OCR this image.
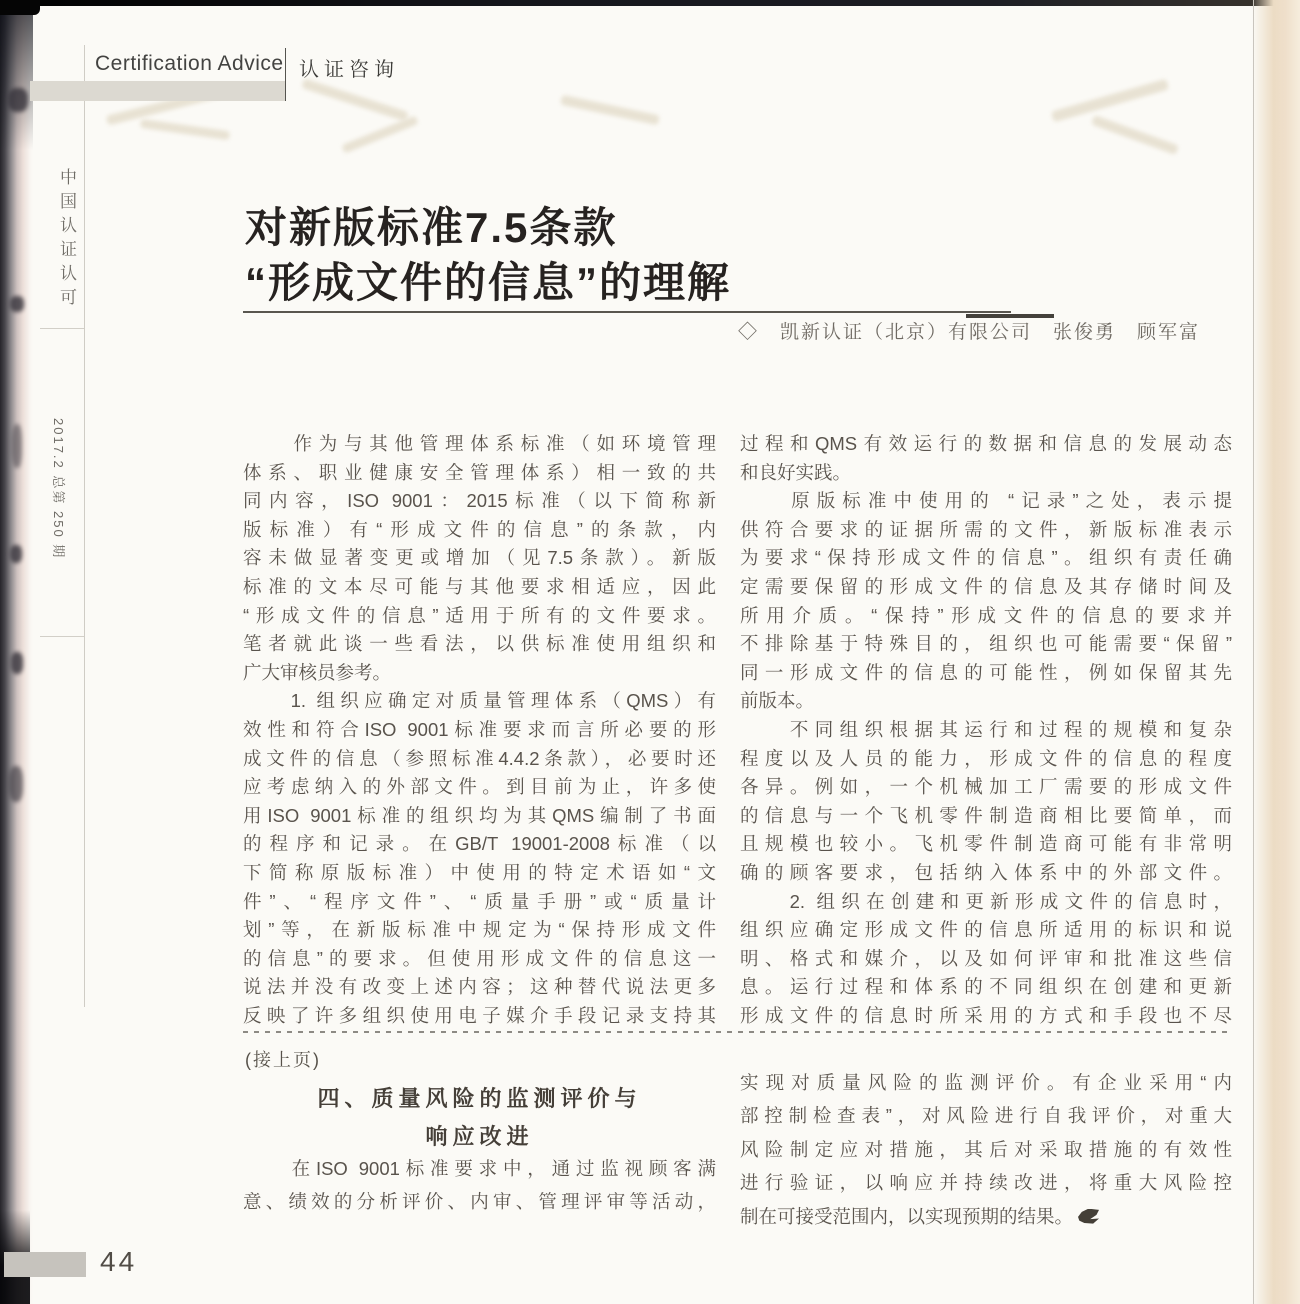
Certification Advice 认证咨询
中国认证认可
2017.2 总第 250 期
对新版标准7.5条款
“形成文件的信息”的理解
◇　凯新认证（北京）有限公司　张俊勇　顾军富
　　作为与其他管理体系标准（如环境管理
体系、职业健康安全管理体系）相一致的共
同内容，ISO 9001：2015标准（以下简称新
版标准）有“形成文件的信息”的条款，内
容未做显著变更或增加（见7.5条款）。新版
标准的文本尽可能与其他要求相适应，因此
“形成文件的信息”适用于所有的文件要求。
笔者就此谈一些看法，以供标准使用组织和
广大审核员参考。
　　1. 组织应确定对质量管理体系（QMS）有
效性和符合ISO 9001标准要求而言所必要的形
成文件的信息（参照标准4.4.2条款），必要时还
应考虑纳入的外部文件。到目前为止，许多使
用ISO 9001标准的组织均为其QMS编制了书面
的程序和记录。在GB/T 19001-2008标准（以
下简称原版标准）中使用的特定术语如“文
件”、“程序文件”、“质量手册”或“质量计
划”等，在新版标准中规定为“保持形成文件
的信息”的要求。但使用形成文件的信息这一
说法并没有改变上述内容；这种替代说法更多
反映了许多组织使用电子媒介手段记录支持其
过程和QMS有效运行的数据和信息的发展动态
和良好实践。
　　原版标准中使用的 “记录”之处，表示提
供符合要求的证据所需的文件，新版标准表示
为要求“保持形成文件的信息”。组织有责任确
定需要保留的形成文件的信息及其存储时间及
所用介质。“保持”形成文件的信息的要求并
不排除基于特殊目的，组织也可能需要“保留”
同一形成文件的信息的可能性，例如保留其先
前版本。
　　不同组织根据其运行和过程的规模和复杂
程度以及人员的能力，形成文件的信息的程度
各异。例如，一个机械加工厂需要的形成文件
的信息与一个飞机零件制造商相比要简单，而
且规模也较小。飞机零件制造商可能有非常明
确的顾客要求，包括纳入体系中的外部文件。
　　2. 组织在创建和更新形成文件的信息时，
组织应确定形成文件的信息所适用的标识和说
明、格式和媒介，以及如何评审和批准这些信
息。运行过程和体系的不同组织在创建和更新
形成文件的信息时所采用的方式和手段也不尽
(接上页)
四、质量风险的监测评价与
响应改进
　　在ISO 9001标准要求中，通过监视顾客满
意、绩效的分析评价、内审、管理评审等活动，
实现对质量风险的监测评价。有企业采用“内
部控制检查表”，对风险进行自我评价，对重大
风险制定应对措施，其后对采取措施的有效性
进行验证，以响应并持续改进，将重大风险控
制在可接受范围内，以实现预期的结果。
44
